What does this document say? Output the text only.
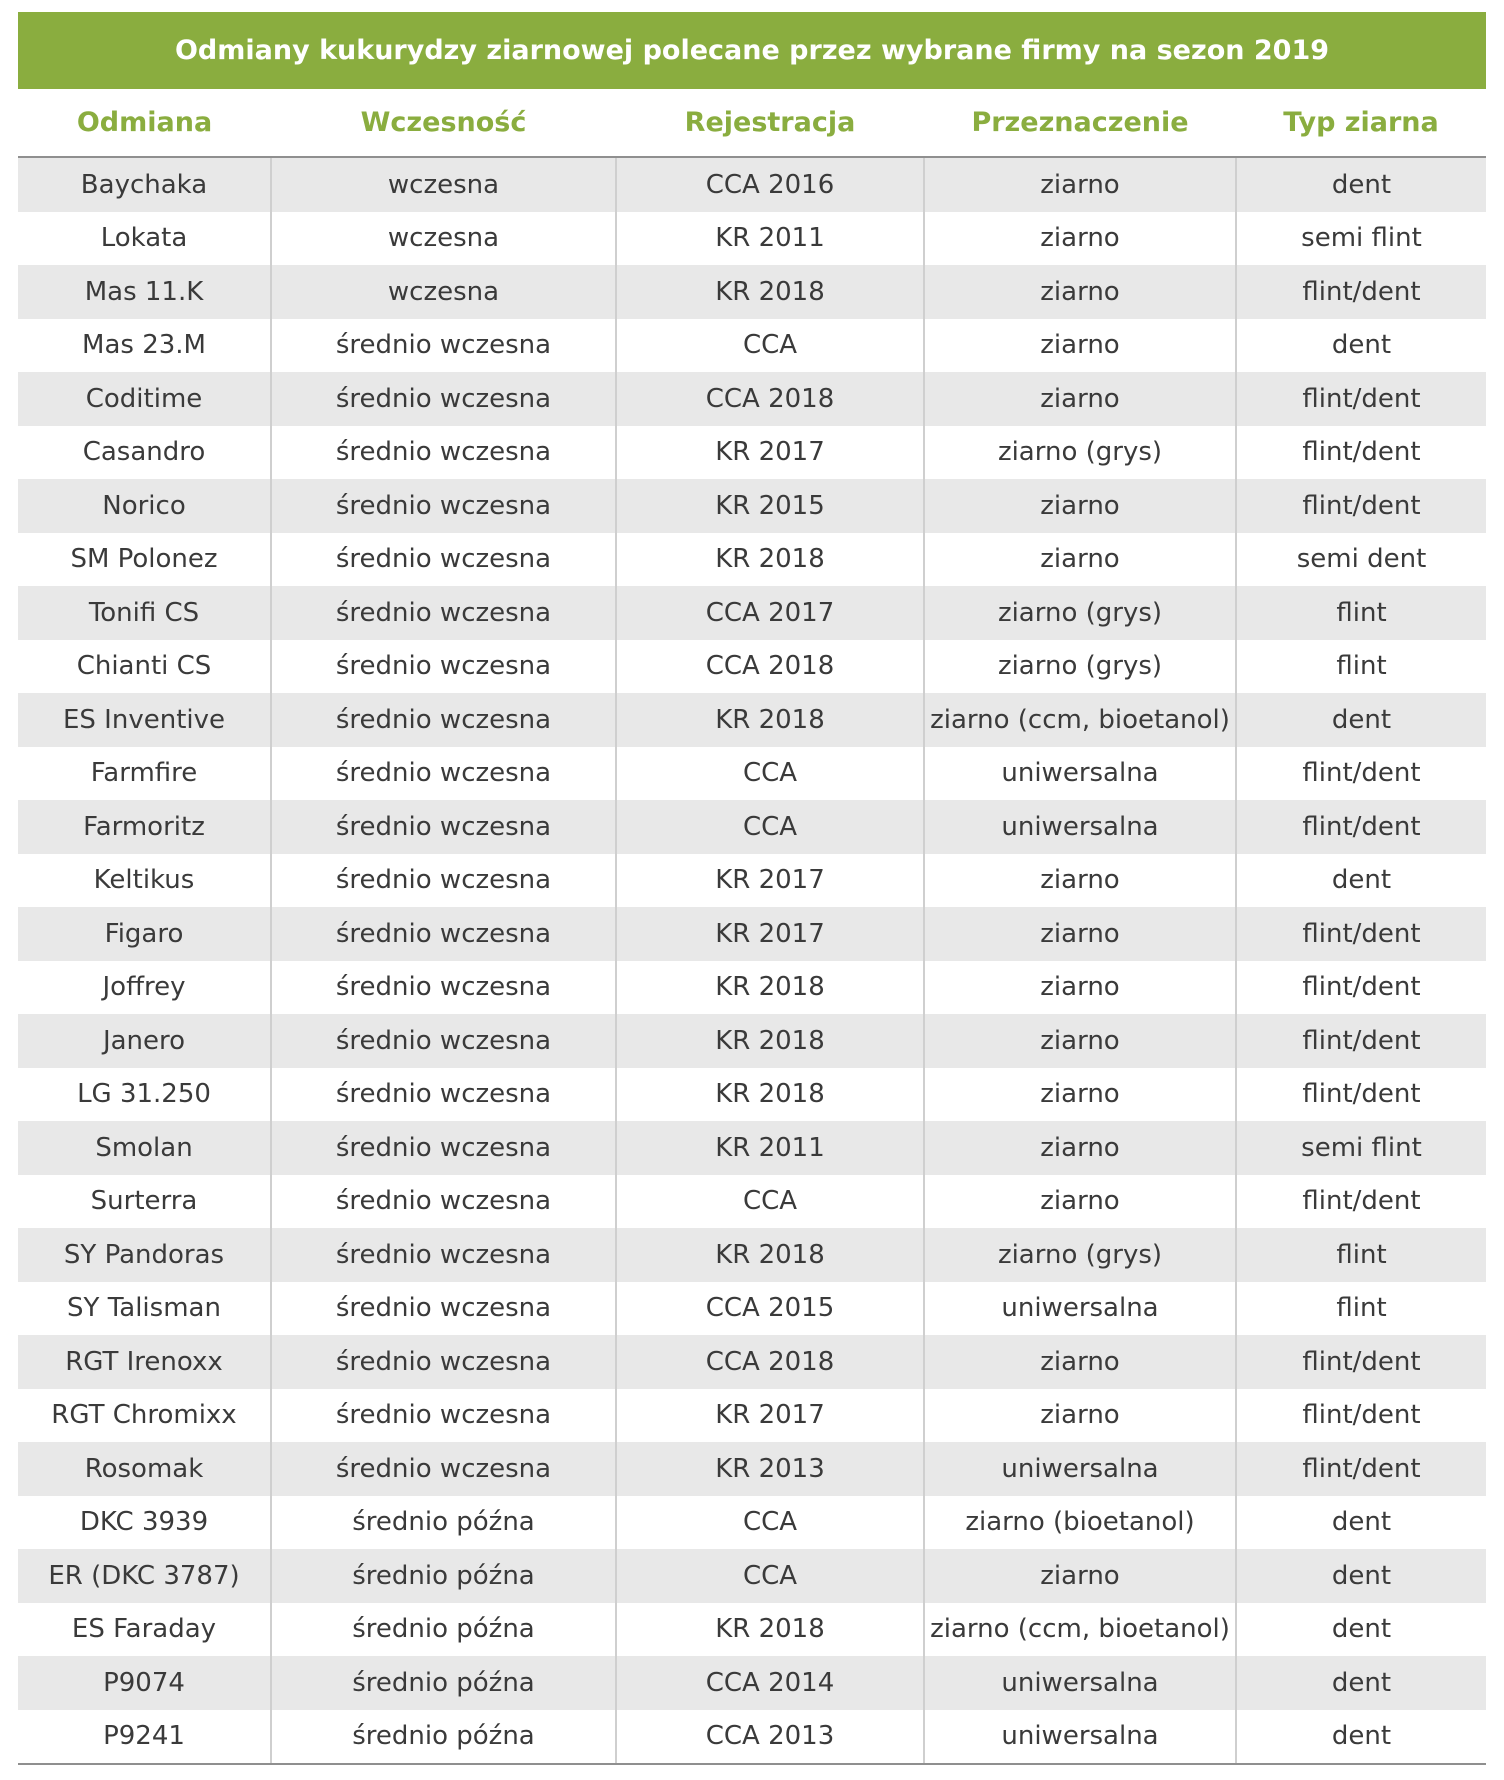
Odmiany kukurydzy ziarnowej polecane przez wybrane firmy na sezon 2019
Odmiana	Wczesność	Rejestracja	Przeznaczenie	Typ ziarna
Baychaka	wczesna	CCA 2016	ziarno	dent
Lokata	wczesna	KR 2011	ziarno	semi flint
Mas 11.K	wczesna	KR 2018	ziarno	flint/dent
Mas 23.M	średnio wczesna	CCA	ziarno	dent
Coditime	średnio wczesna	CCA 2018	ziarno	flint/dent
Casandro	średnio wczesna	KR 2017	ziarno (grys)	flint/dent
Norico	średnio wczesna	KR 2015	ziarno	flint/dent
SM Polonez	średnio wczesna	KR 2018	ziarno	semi dent
Tonifi CS	średnio wczesna	CCA 2017	ziarno (grys)	flint
Chianti CS	średnio wczesna	CCA 2018	ziarno (grys)	flint
ES Inventive	średnio wczesna	KR 2018	ziarno (ccm, bioetanol)	dent
Farmfire	średnio wczesna	CCA	uniwersalna	flint/dent
Farmoritz	średnio wczesna	CCA	uniwersalna	flint/dent
Keltikus	średnio wczesna	KR 2017	ziarno	dent
Figaro	średnio wczesna	KR 2017	ziarno	flint/dent
Joffrey	średnio wczesna	KR 2018	ziarno	flint/dent
Janero	średnio wczesna	KR 2018	ziarno	flint/dent
LG 31.250	średnio wczesna	KR 2018	ziarno	flint/dent
Smolan	średnio wczesna	KR 2011	ziarno	semi flint
Surterra	średnio wczesna	CCA	ziarno	flint/dent
SY Pandoras	średnio wczesna	KR 2018	ziarno (grys)	flint
SY Talisman	średnio wczesna	CCA 2015	uniwersalna	flint
RGT Irenoxx	średnio wczesna	CCA 2018	ziarno	flint/dent
RGT Chromixx	średnio wczesna	KR 2017	ziarno	flint/dent
Rosomak	średnio wczesna	KR 2013	uniwersalna	flint/dent
DKC 3939	średnio późna	CCA	ziarno (bioetanol)	dent
ER (DKC 3787)	średnio późna	CCA	ziarno	dent
ES Faraday	średnio późna	KR 2018	ziarno (ccm, bioetanol)	dent
P9074	średnio późna	CCA 2014	uniwersalna	dent
P9241	średnio późna	CCA 2013	uniwersalna	dent
